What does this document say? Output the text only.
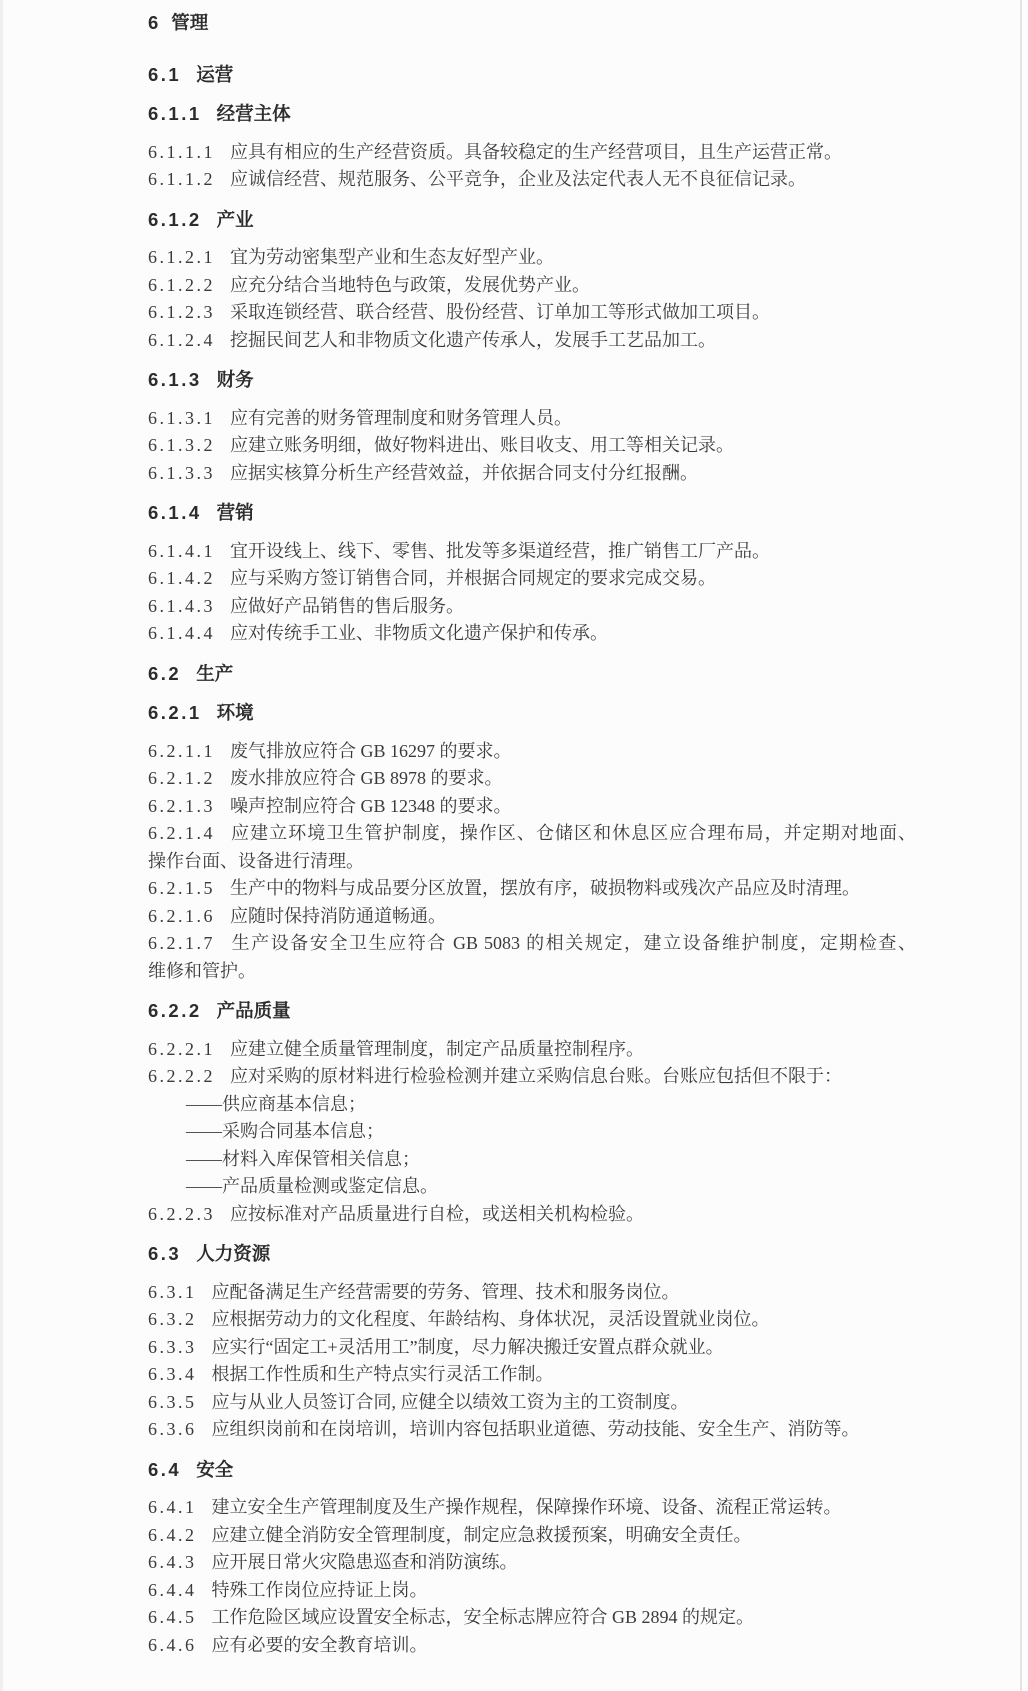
6 管理

6.1 运营

6.1.1 经营主体

6.1.1.1 应具有相应的生产经营资质。具备较稳定的生产经营项目，且生产运营正常。

6.1.1.2 应诚信经营、规范服务、公平竞争，企业及法定代表人无不良征信记录。

6.1.2 产业

6.1.2.1 宜为劳动密集型产业和生态友好型产业。

6.1.2.2 应充分结合当地特色与政策，发展优势产业。

6.1.2.3 采取连锁经营、联合经营、股份经营、订单加工等形式做加工项目。

6.1.2.4 挖掘民间艺人和非物质文化遗产传承人，发展手工艺品加工。

6.1.3 财务

6.1.3.1 应有完善的财务管理制度和财务管理人员。

6.1.3.2 应建立账务明细，做好物料进出、账目收支、用工等相关记录。

6.1.3.3 应据实核算分析生产经营效益，并依据合同支付分红报酬。

6.1.4 营销

6.1.4.1 宜开设线上、线下、零售、批发等多渠道经营，推广销售工厂产品。

6.1.4.2 应与采购方签订销售合同，并根据合同规定的要求完成交易。

6.1.4.3 应做好产品销售的售后服务。

6.1.4.4 应对传统手工业、非物质文化遗产保护和传承。

6.2 生产

6.2.1 环境

6.2.1.1 废气排放应符合 GB 16297 的要求。

6.2.1.2 废水排放应符合 GB 8978 的要求。

6.2.1.3 噪声控制应符合 GB 12348 的要求。

6.2.1.4 应建立环境卫生管护制度，操作区、仓储区和休息区应合理布局，并定期对地面、

操作台面、设备进行清理。

6.2.1.5 生产中的物料与成品要分区放置，摆放有序，破损物料或残次产品应及时清理。

6.2.1.6 应随时保持消防通道畅通。

6.2.1.7 生产设备安全卫生应符合 GB 5083 的相关规定，建立设备维护制度，定期检查、

维修和管护。

6.2.2 产品质量

6.2.2.1 应建立健全质量管理制度，制定产品质量控制程序。

6.2.2.2 应对采购的原材料进行检验检测并建立采购信息台账。台账应包括但不限于：

——供应商基本信息；

——采购合同基本信息；

——材料入库保管相关信息；

——产品质量检测或鉴定信息。

6.2.2.3 应按标准对产品质量进行自检，或送相关机构检验。

6.3 人力资源

6.3.1 应配备满足生产经营需要的劳务、管理、技术和服务岗位。

6.3.2 应根据劳动力的文化程度、年龄结构、身体状况，灵活设置就业岗位。

6.3.3 应实行“固定工+灵活用工”制度，尽力解决搬迁安置点群众就业。

6.3.4 根据工作性质和生产特点实行灵活工作制。

6.3.5 应与从业人员签订合同, 应健全以绩效工资为主的工资制度。

6.3.6 应组织岗前和在岗培训，培训内容包括职业道德、劳动技能、安全生产、消防等。

6.4 安全

6.4.1 建立安全生产管理制度及生产操作规程，保障操作环境、设备、流程正常运转。

6.4.2 应建立健全消防安全管理制度，制定应急救援预案，明确安全责任。

6.4.3 应开展日常火灾隐患巡查和消防演练。

6.4.4 特殊工作岗位应持证上岗。

6.4.5 工作危险区域应设置安全标志，安全标志牌应符合 GB 2894 的规定。

6.4.6 应有必要的安全教育培训。
